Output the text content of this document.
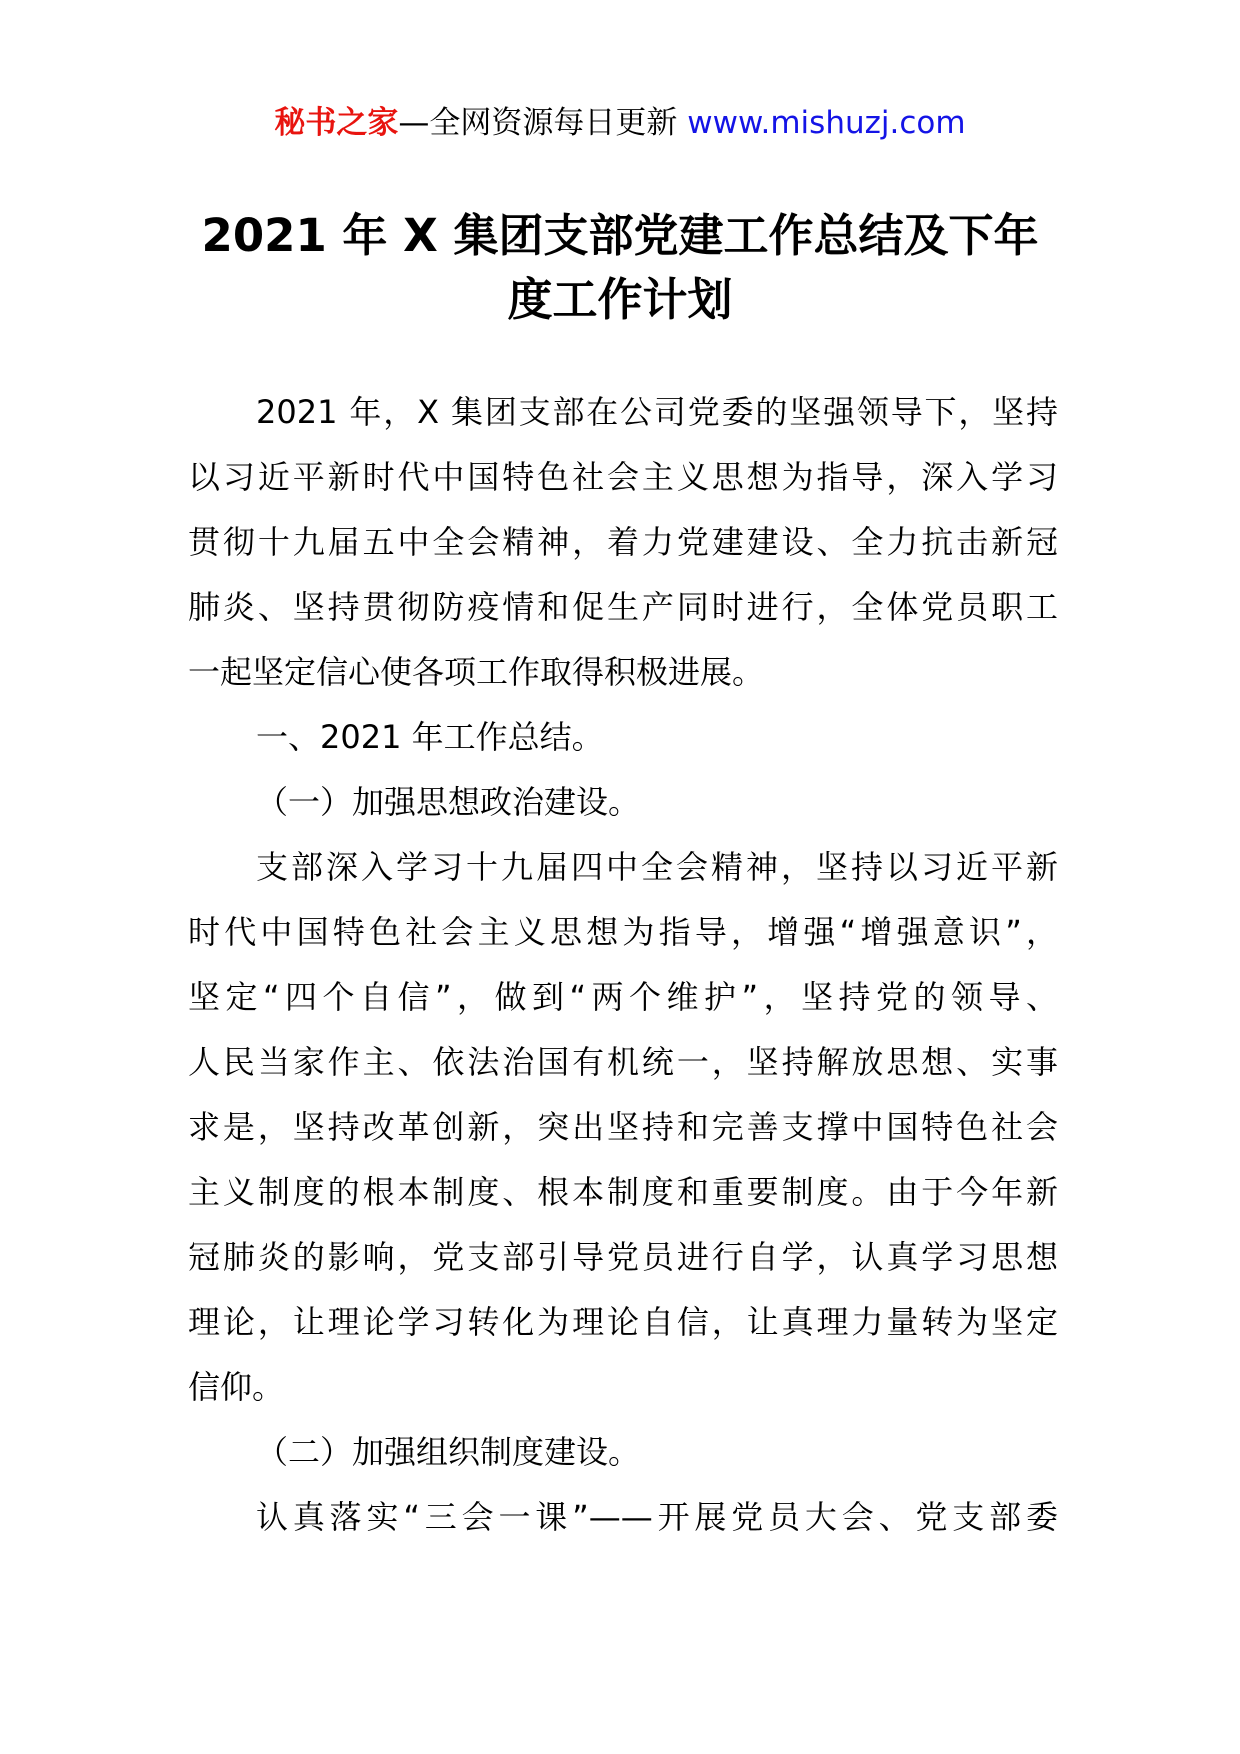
秘书之家—全网资源每日更新 www.mishuzj.com
2021 年 X 集团支部党建工作总结及下年
度工作计划
2021 年，X 集团支部在公司党委的坚强领导下，坚持
以习近平新时代中国特色社会主义思想为指导，深入学习
贯彻十九届五中全会精神，着力党建建设、全力抗击新冠
肺炎、坚持贯彻防疫情和促生产同时进行，全体党员职工
一起坚定信心使各项工作取得积极进展。
一、2021 年工作总结。
（一）加强思想政治建设。
支部深入学习十九届四中全会精神，坚持以习近平新
时代中国特色社会主义思想为指导，增强“增强意识”，
坚定“四个自信”，做到“两个维护”，坚持党的领导、
人民当家作主、依法治国有机统一，坚持解放思想、实事
求是，坚持改革创新，突出坚持和完善支撑中国特色社会
主义制度的根本制度、根本制度和重要制度。由于今年新
冠肺炎的影响，党支部引导党员进行自学，认真学习思想
理论，让理论学习转化为理论自信，让真理力量转为坚定
信仰。
（二）加强组织制度建设。
认真落实“三会一课”——开展党员大会、党支部委
